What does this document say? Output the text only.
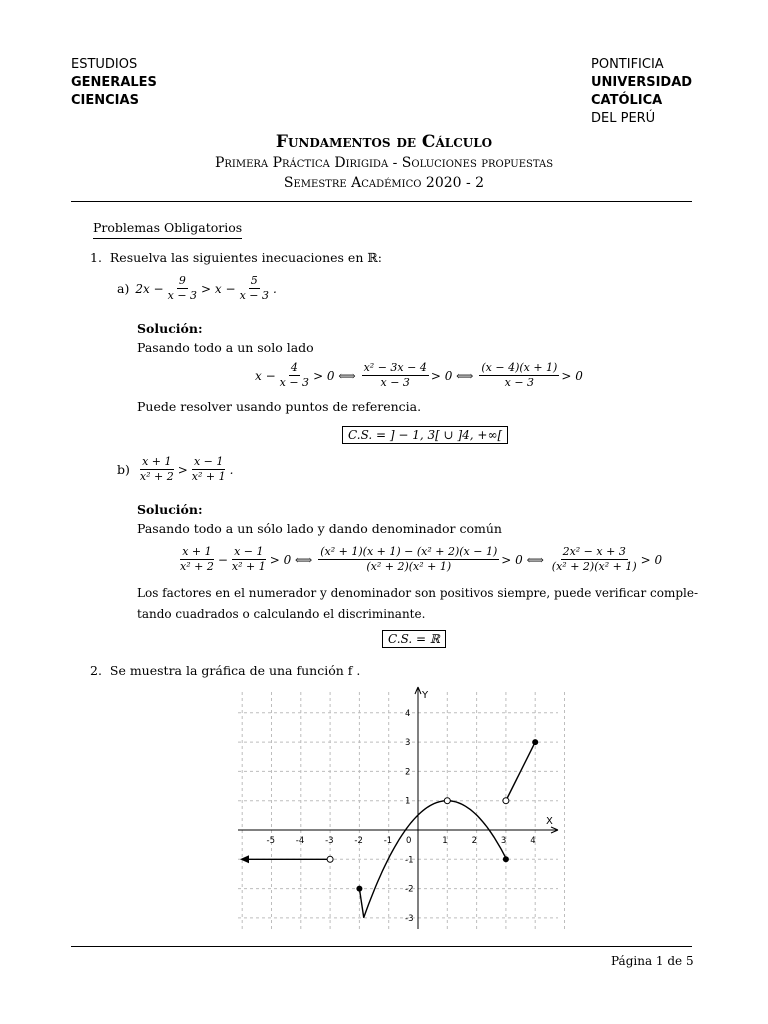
ESTUDIOS
GENERALES
CIENCIAS
PONTIFICIA
UNIVERSIDAD
CATÓLICA
DEL PERÚ
Fundamentos de Cálculo
Primera Práctica Dirigida - Soluciones propuestas
Semestre Académico 2020 - 2
Problemas Obligatorios
1. Resuelva las siguientes inecuaciones en ℝ:
a) $2x - \frac{9}{x - 3} > x - \frac{5}{x - 3}$ .
Solución:
Pasando todo a un solo lado
$x - \frac{4}{x - 3} > 0$ ⟺ $\frac{\text{x² − 3x − 4}}{x - 3} > 0$ ⟺ $\frac{(x - 4)(x + 1)}{x - 3} > 0$
Puede resolver usando puntos de referencia.
C.S. = ] − 1, 3[ ∪ ]4, +∞[
$b) \frac{x + 1}{\text{x² + 2}} > \frac{x - 1}{\text{x² + 1}}$ .
Solución:
Pasando todo a un sólo lado y dando denominador común
$\frac{x + 1}{\text{x² + 2}} - \frac{x - 1}{\text{x² + 1}} > 0$ ⟺ $\frac{\text{(x² + 1)(x + 1) − (x² + 2)(x − 1)}}{\text{(x² + 2)(x² + 1)}} > 0$ ⟺ $\frac{\text{2x² − x + 3}}{\text{(x² + 2)(x² + 1)}} > 0$
Los factores en el numerador y denominador son positivos siempre, puede verificar comple-
tando cuadrados o calculando el discriminante.
C.S. = ℝ
2. Se muestra la gráfica de una función f .
X
Y
-5 -4 -3 -2 -1 0	1	2	3	4
4
3
2
1
-1
-2
-3
Página 1 de 5
